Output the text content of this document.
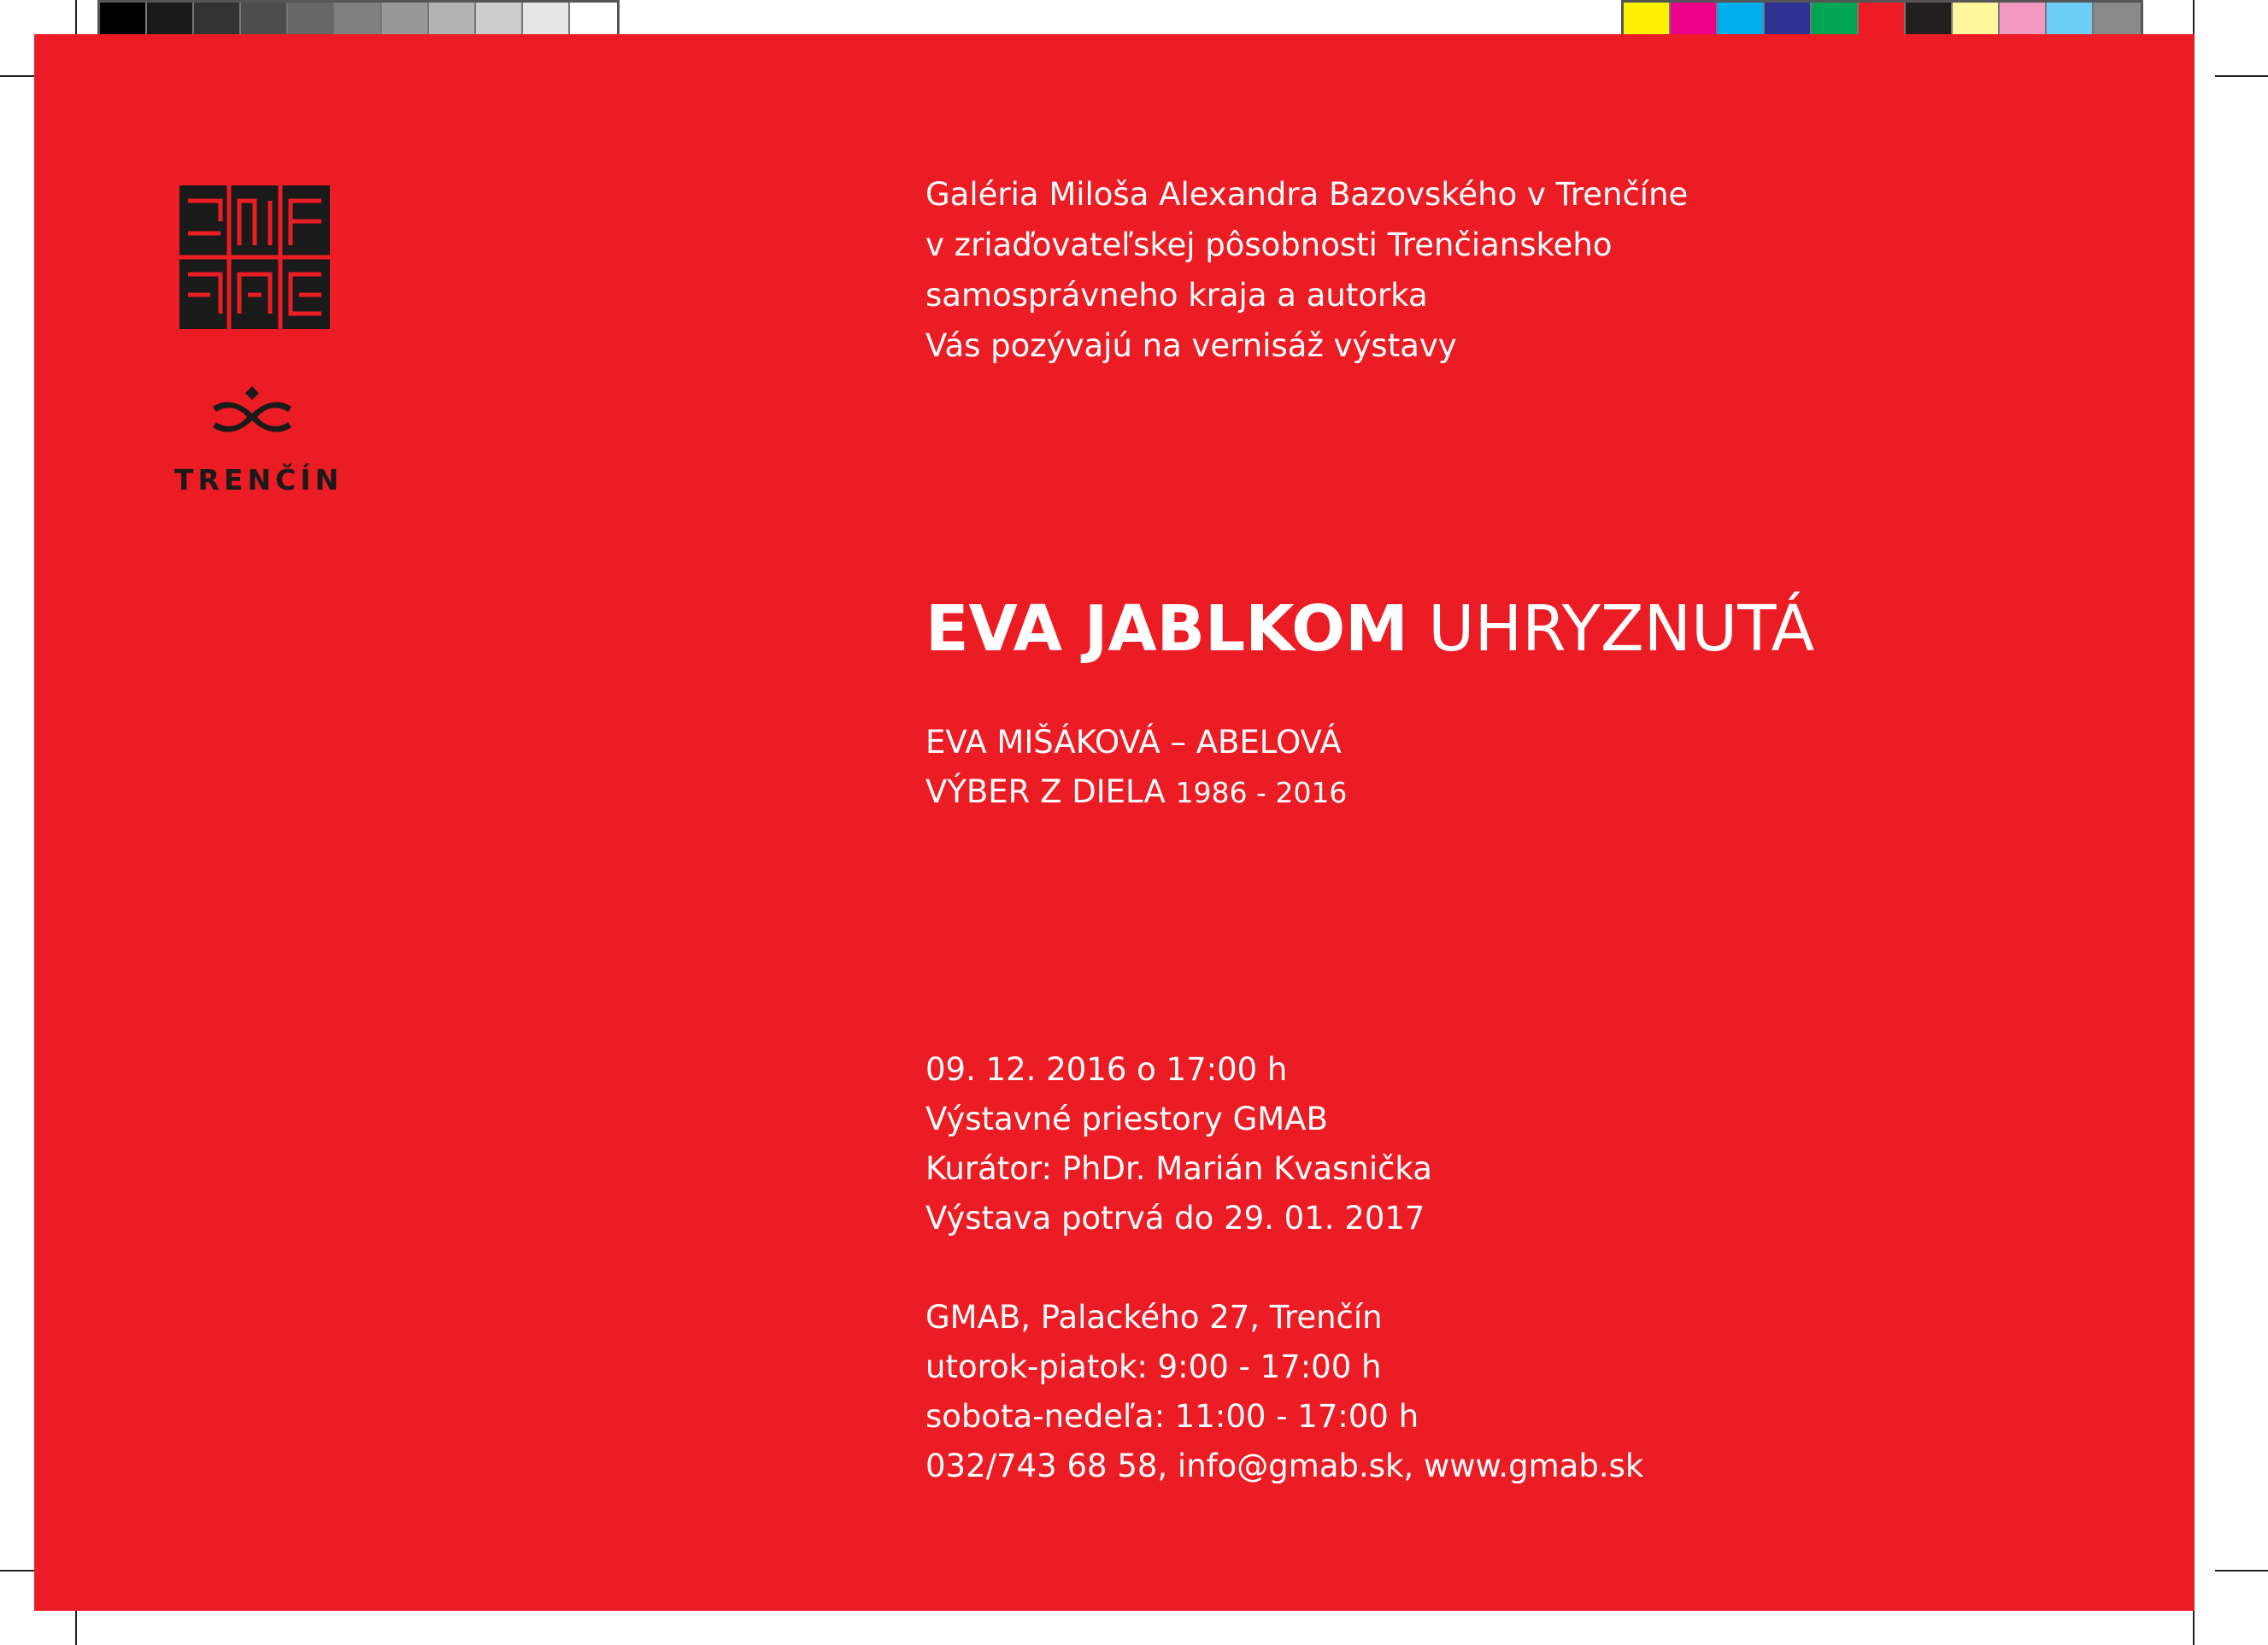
TRENČÍN
Galéria Miloša Alexandra Bazovského v Trenčíne
v zriaďovateľskej pôsobnosti Trenčianskeho
samosprávneho kraja a autorka
Vás pozývajú na vernisáž výstavy
EVA JABLKOM UHRYZNUTÁ
EVA MIŠÁKOVÁ – ABELOVÁ
VÝBER Z DIELA 1986 - 2016
09. 12. 2016 o 17:00 h
Výstavné priestory GMAB
Kurátor: PhDr. Marián Kvasnička
Výstava potrvá do 29. 01. 2017
GMAB, Palackého 27, Trenčín
utorok-piatok: 9:00 - 17:00 h
sobota-nedeľa: 11:00 - 17:00 h
032/743 68 58, info@gmab.sk, www.gmab.sk
